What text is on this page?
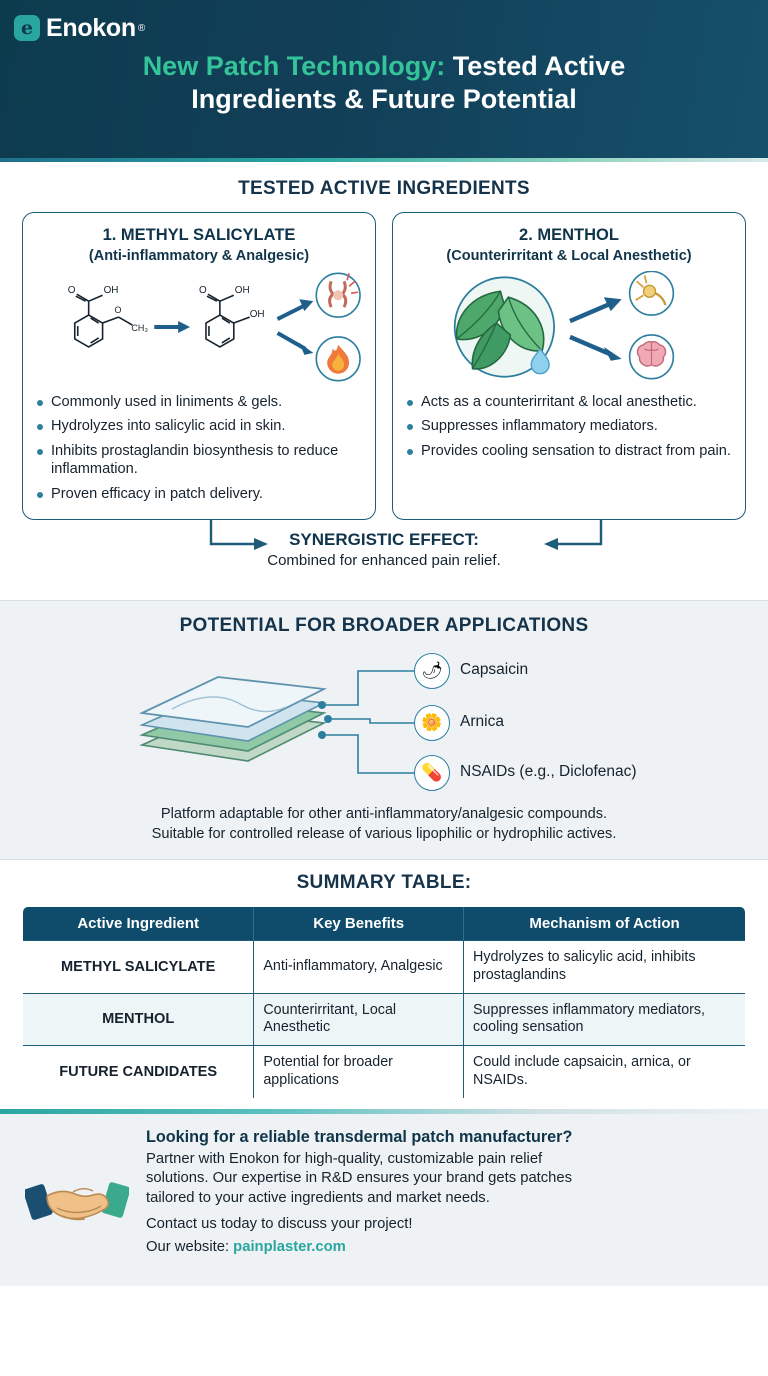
e Enokon ®
New Patch Technology: Tested Active
Ingredients & Future Potential
TESTED ACTIVE INGREDIENTS
1. METHYL SALICYLATE
(Anti-inflammatory & Analgesic)
O	OH
O
CH₃
O	OH
OH
Commonly used in liniments & gels.
Hydrolyzes into salicylic acid in skin.
Inhibits prostaglandin biosynthesis to reduce inflammation.
Proven efficacy in patch delivery.
2. MENTHOL
(Counterirritant & Local Anesthetic)
Acts as a counterirritant & local anesthetic.
Suppresses inflammatory mediators.
Provides cooling sensation to distract from pain.
SYNERGISTIC EFFECT:
Combined for enhanced pain relief.
POTENTIAL FOR BROADER APPLICATIONS
🌶 Capsaicin
🌼 Arnica
💊 NSAIDs (e.g., Diclofenac)
Platform adaptable for other anti-inflammatory/analgesic compounds.
Suitable for controlled release of various lipophilic or hydrophilic actives.
SUMMARY TABLE:
Active Ingredient	Key Benefits	Mechanism of Action
METHYL SALICYLATE	Anti-inflammatory, Analgesic	Hydrolyzes to salicylic acid, inhibits prostaglandins
MENTHOL	Counterirritant, Local Anesthetic	Suppresses inflammatory mediators, cooling sensation
FUTURE CANDIDATES	Potential for broader applications	Could include capsaicin, arnica, or NSAIDs.
Looking for a reliable transdermal patch manufacturer?
Partner with Enokon for high-quality, customizable pain relief
solutions. Our expertise in R&D ensures your brand gets patches
tailored to your active ingredients and market needs.
Contact us today to discuss your project!
Our website: painplaster.com
